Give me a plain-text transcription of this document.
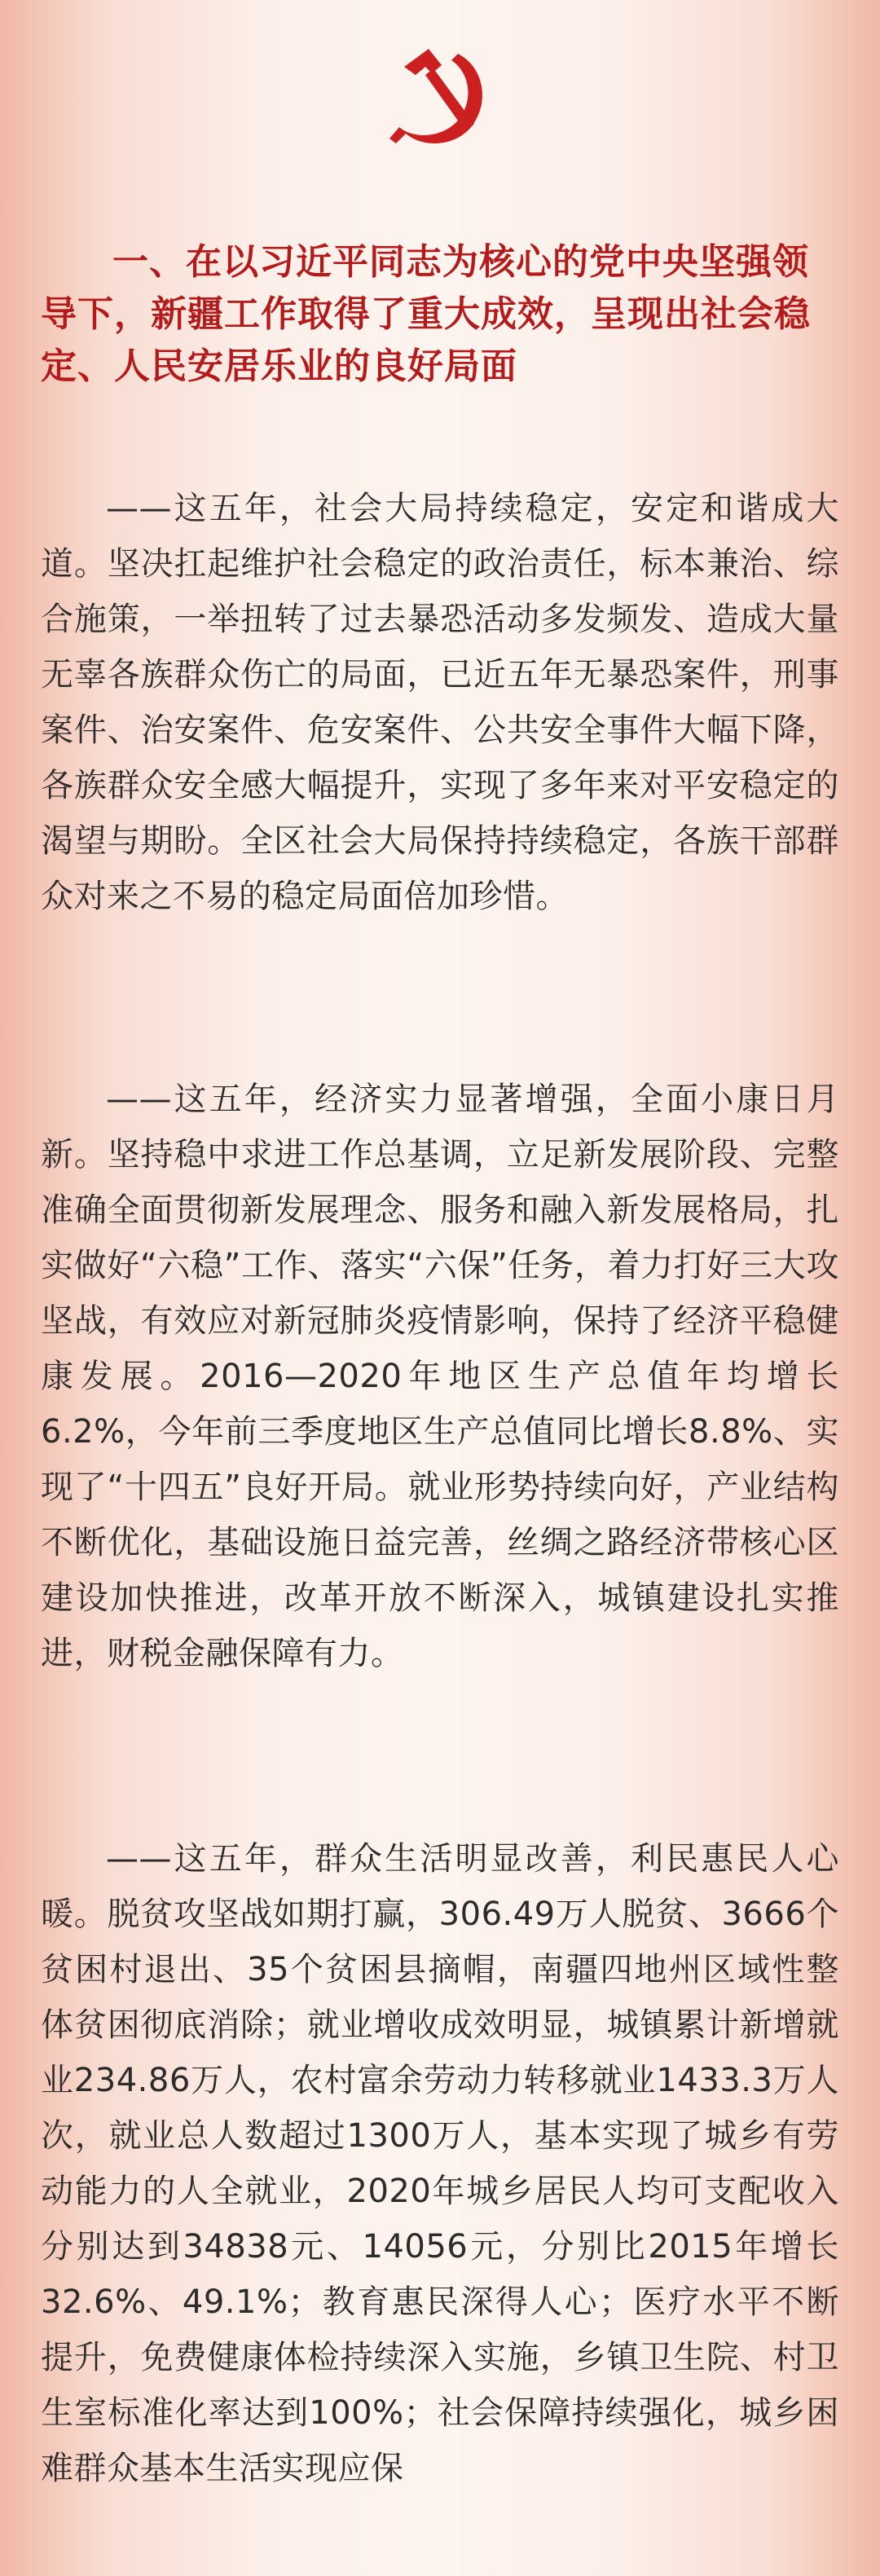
一、在以习近平同志为核心的党中央坚强领导下，新疆工作取得了重大成效，呈现出社会稳定、人民安居乐业的良好局面

——这五年，社会大局持续稳定，安定和谐成大道。坚决扛起维护社会稳定的政治责任，标本兼治、综合施策，一举扭转了过去暴恐活动多发频发、造成大量无辜各族群众伤亡的局面，已近五年无暴恐案件，刑事案件、治安案件、危安案件、公共安全事件大幅下降，各族群众安全感大幅提升，实现了多年来对平安稳定的渴望与期盼。全区社会大局保持持续稳定，各族干部群众对来之不易的稳定局面倍加珍惜。

——这五年，经济实力显著增强，全面小康日月新。坚持稳中求进工作总基调，立足新发展阶段、完整准确全面贯彻新发展理念、服务和融入新发展格局，扎实做好“六稳”工作、落实“六保”任务，着力打好三大攻坚战，有效应对新冠肺炎疫情影响，保持了经济平稳健康发展。2016—2020年地区生产总值年均增长6.2%，今年前三季度地区生产总值同比增长8.8%、实现了“十四五”良好开局。就业形势持续向好，产业结构不断优化，基础设施日益完善，丝绸之路经济带核心区建设加快推进，改革开放不断深入，城镇建设扎实推进，财税金融保障有力。

——这五年，群众生活明显改善，利民惠民人心暖。脱贫攻坚战如期打赢，306.49万人脱贫、3666个贫困村退出、35个贫困县摘帽，南疆四地州区域性整体贫困彻底消除；就业增收成效明显，城镇累计新增就业234.86万人，农村富余劳动力转移就业1433.3万人次，就业总人数超过1300万人，基本实现了城乡有劳动能力的人全就业，2020年城乡居民人均可支配收入分别达到34838元、14056元，分别比2015年增长32.6%、49.1%；教育惠民深得人心；医疗水平不断提升，免费健康体检持续深入实施，乡镇卫生院、村卫生室标准化率达到100%；社会保障持续强化，城乡困难群众基本生活实现应保
